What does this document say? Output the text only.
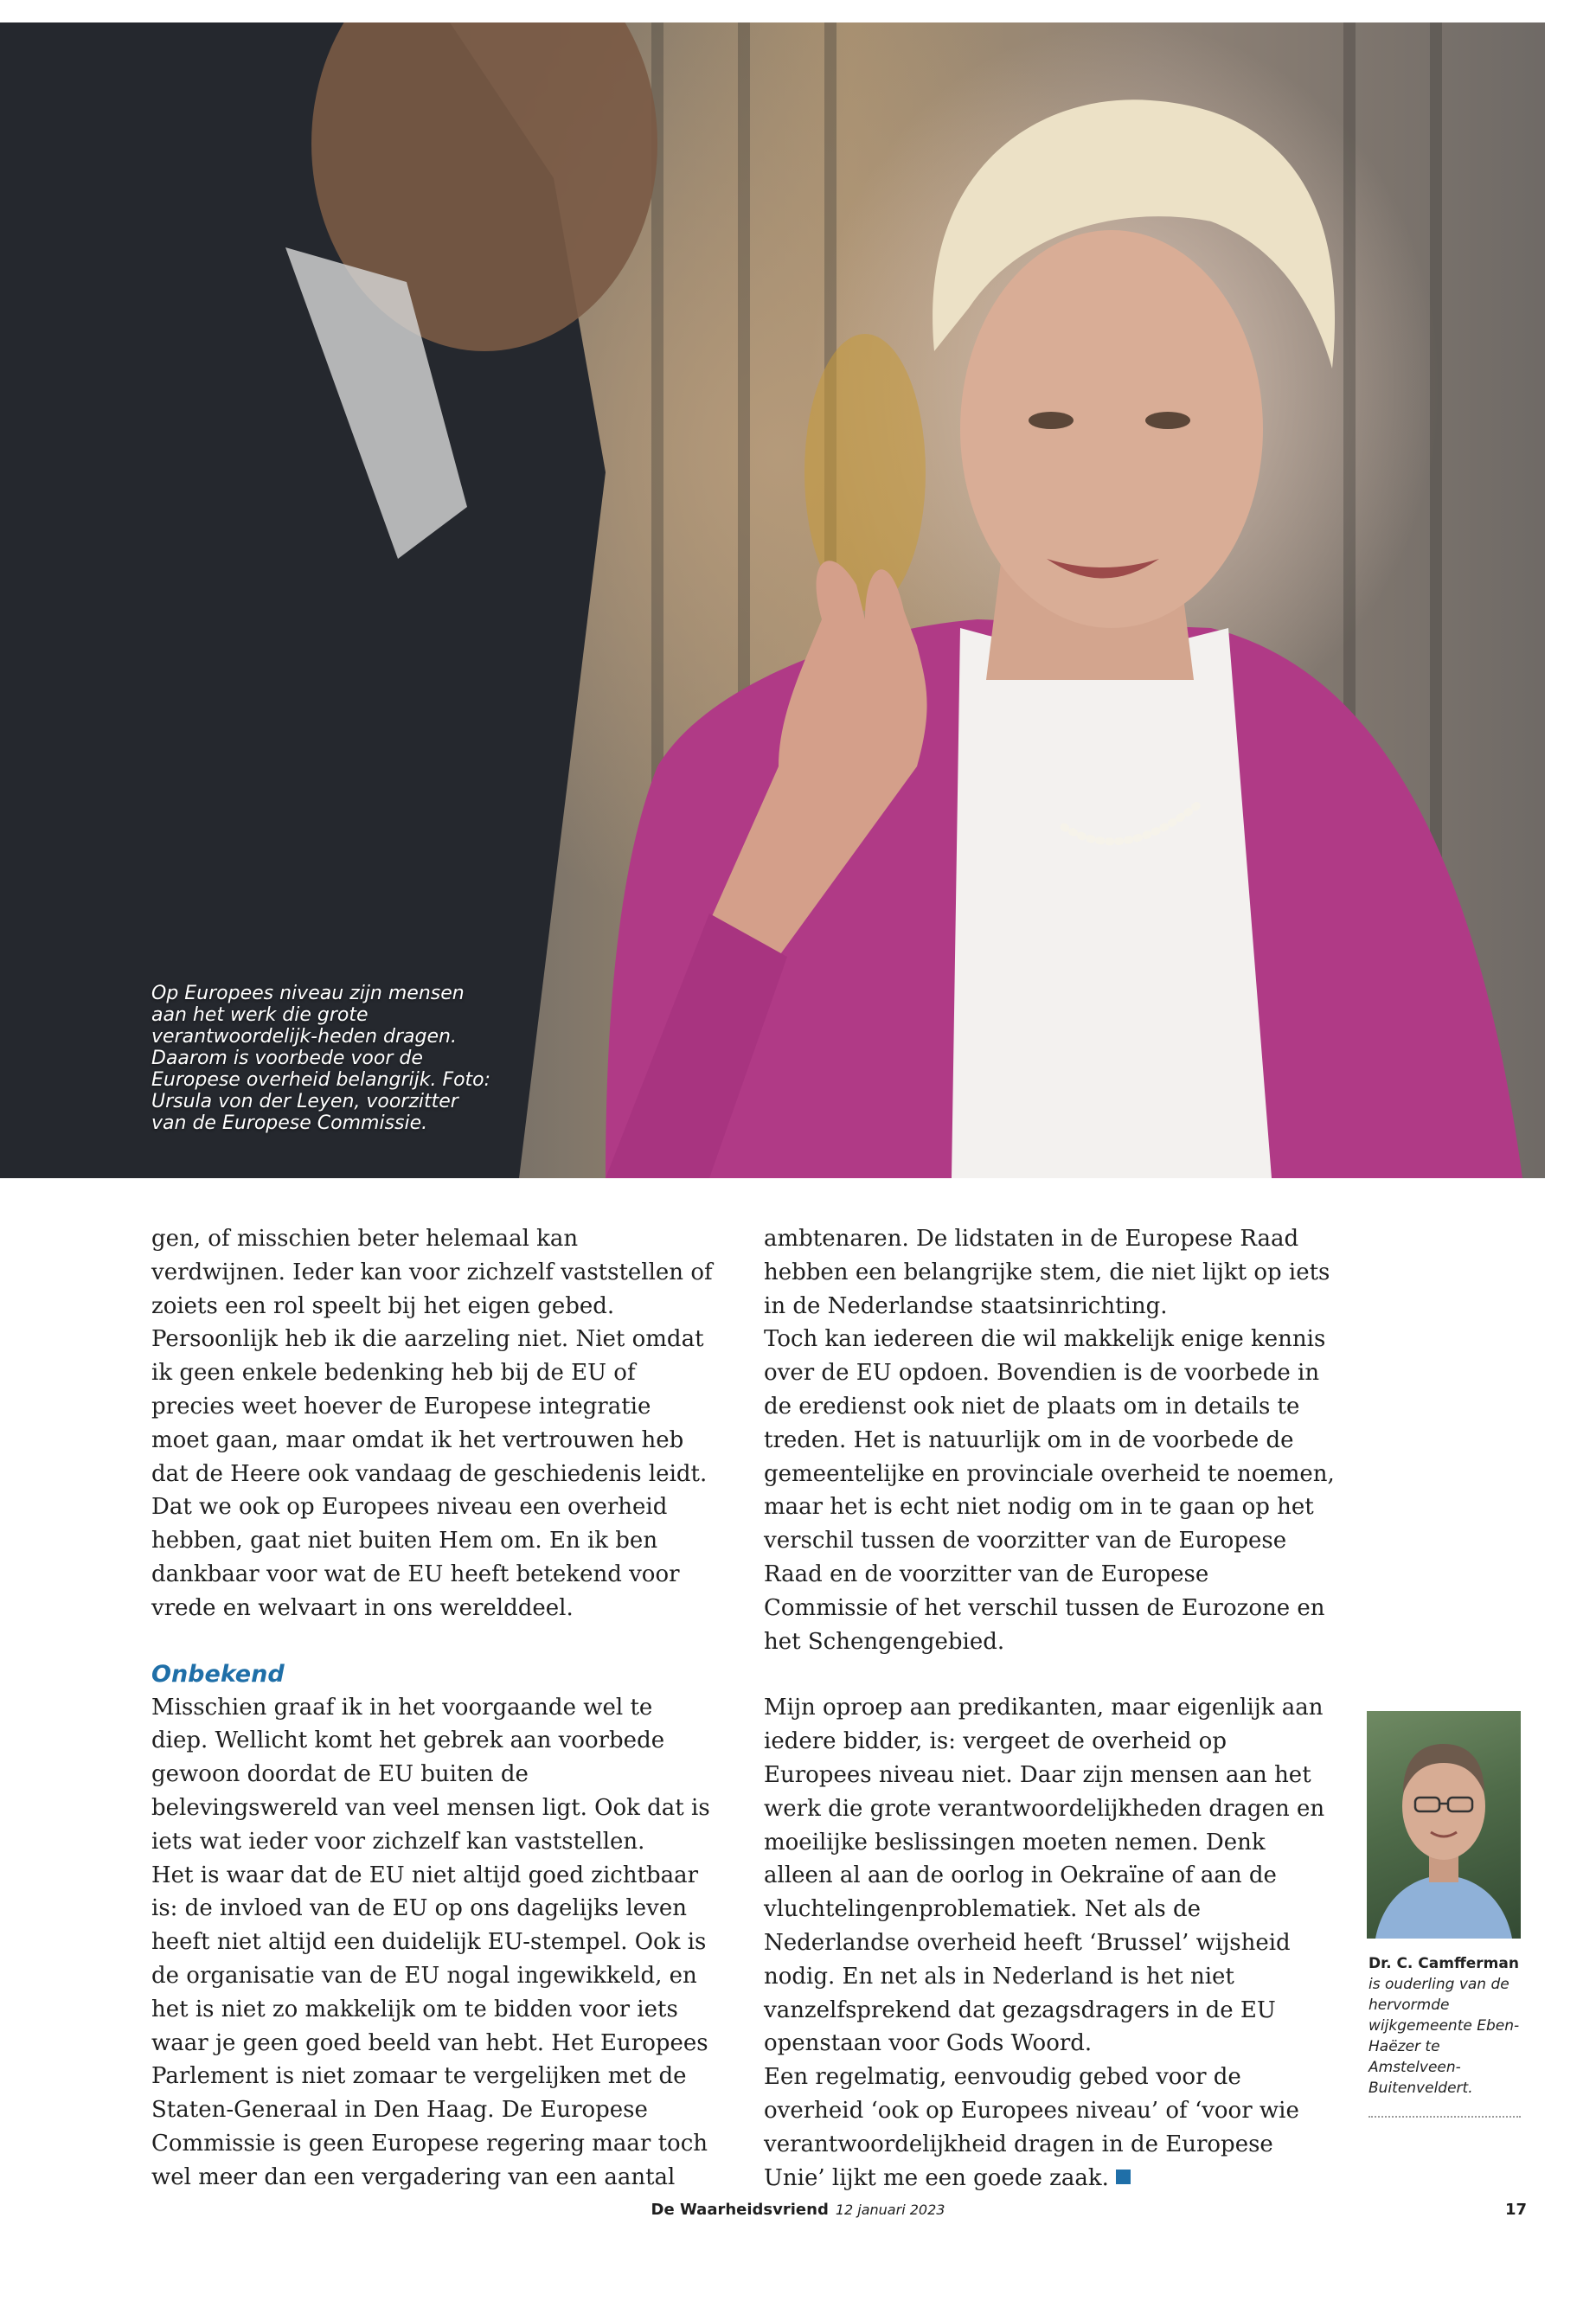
Op Europees niveau zijn mensen aan het werk die grote verantwoordelijk-heden dragen. Daarom is voorbede voor de Europese overheid belangrijk. Foto: Ursula von der Leyen, voorzitter van de Europese Commissie.

gen, of misschien beter helemaal kan verdwijnen. Ieder kan voor zichzelf vaststellen of zoiets een rol speelt bij het eigen gebed. Persoonlijk heb ik die aarzeling niet. Niet omdat ik geen enkele bedenking heb bij de EU of precies weet hoever de Europese integratie moet gaan, maar omdat ik het vertrouwen heb dat de Heere ook vandaag de geschiedenis leidt. Dat we ook op Europees niveau een overheid hebben, gaat niet buiten Hem om. En ik ben dankbaar voor wat de EU heeft betekend voor vrede en welvaart in ons werelddeel.

Onbekend

Misschien graaf ik in het voorgaande wel te diep. Wellicht komt het gebrek aan voorbede gewoon doordat de EU buiten de belevingswereld van veel mensen ligt. Ook dat is iets wat ieder voor zichzelf kan vaststellen.

Het is waar dat de EU niet altijd goed zichtbaar is: de invloed van de EU op ons dagelijks leven heeft niet altijd een duidelijk EU-stempel. Ook is de organisatie van de EU nogal ingewikkeld, en het is niet zo makkelijk om te bidden voor iets waar je geen goed beeld van hebt. Het Europees Parlement is niet zomaar te vergelijken met de Staten-Generaal in Den Haag. De Europese Commissie is geen Europese regering maar toch wel meer dan een vergadering van een aantal

ambtenaren. De lidstaten in de Europese Raad hebben een belangrijke stem, die niet lijkt op iets in de Nederlandse staatsinrichting.

Toch kan iedereen die wil makkelijk enige kennis over de EU opdoen. Bovendien is de voorbede in de eredienst ook niet de plaats om in details te treden. Het is natuurlijk om in de voorbede de gemeentelijke en provinciale overheid te noemen, maar het is echt niet nodig om in te gaan op het verschil tussen de voorzitter van de Europese Raad en de voorzitter van de Europese Commissie of het verschil tussen de Eurozone en het Schengengebied.

Mijn oproep aan predikanten, maar eigenlijk aan iedere bidder, is: vergeet de overheid op Europees niveau niet. Daar zijn mensen aan het werk die grote verantwoordelijkheden dragen en moeilijke beslissingen moeten nemen. Denk alleen al aan de oorlog in Oekraïne of aan de vluchtelingenproblematiek. Net als de Nederlandse overheid heeft ‘Brussel’ wijsheid nodig. En net als in Nederland is het niet vanzelfsprekend dat gezagsdragers in de EU openstaan voor Gods Woord.

Een regelmatig, eenvoudig gebed voor de overheid ‘ook op Europees niveau’ of ‘voor wie verantwoordelijkheid dragen in de Europese Unie’ lijkt me een goede zaak.

Dr. C. Camfferman
is ouderling van de hervormde wijkgemeente Eben-Haëzer te Amstelveen-Buitenveldert.

De Waarheidsvriend 12 januari 2023	17
